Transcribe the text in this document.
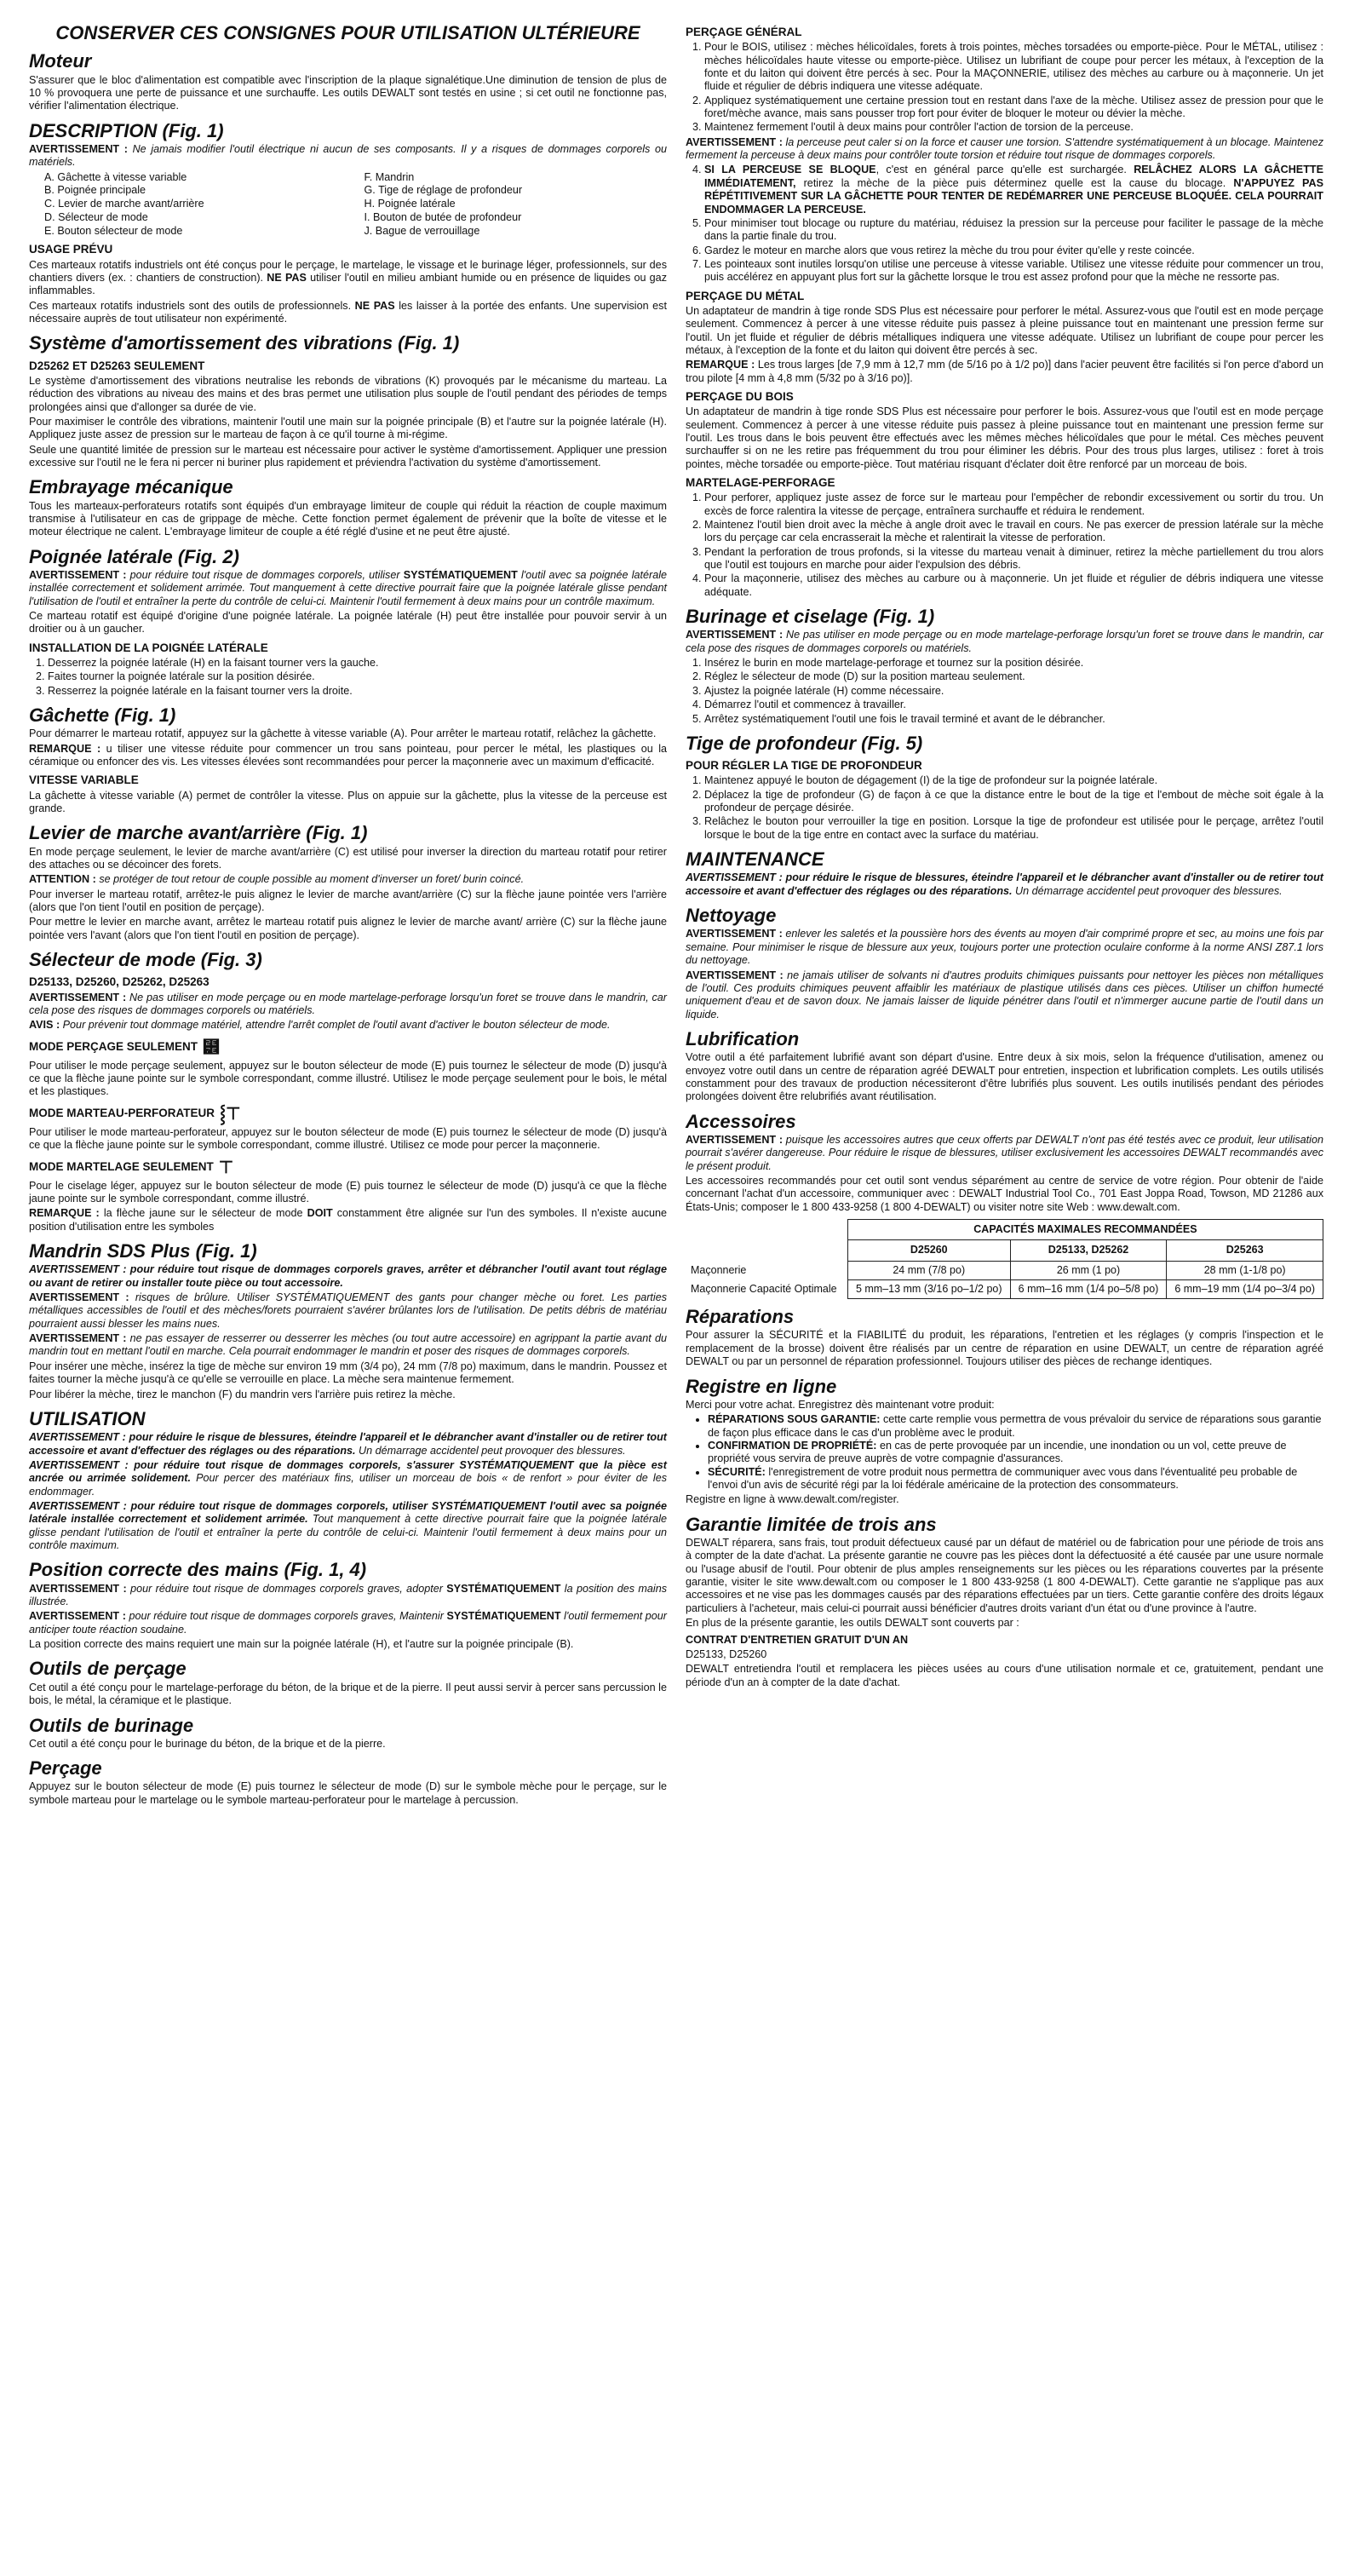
CONSERVER CES CONSIGNES POUR UTILISATION ULTÉRIEURE
Moteur

S'assurer que le bloc d'alimentation est compatible avec l'inscription de la plaque signalétique.Une diminution de tension de plus de 10 % provoquera une perte de puissance et une surchauffe. Les outils DEWALT sont testés en usine ; si cet outil ne fonctionne pas, vérifier l'alimentation électrique.

DESCRIPTION (Fig. 1)

AVERTISSEMENT : Ne jamais modifier l'outil électrique ni aucun de ses composants. Il y a risques de dommages corporels ou matériels.

A. Gâchette à vitesse variable
B. Poignée principale
C. Levier de marche avant/arrière
D. Sélecteur de mode
E. Bouton sélecteur de mode
F. Mandrin
G. Tige de réglage de profondeur
H. Poignée latérale
I. Bouton de butée de profondeur
J. Bague de verrouillage
USAGE PRÉVU

Ces marteaux rotatifs industriels ont été conçus pour le perçage, le martelage, le vissage et le burinage léger, professionnels, sur des chantiers divers (ex. : chantiers de construction). NE PAS utiliser l'outil en milieu ambiant humide ou en présence de liquides ou gaz inflammables.

Ces marteaux rotatifs industriels sont des outils de professionnels. NE PAS les laisser à la portée des enfants. Une supervision est nécessaire auprès de tout utilisateur non expérimenté.

Système d'amortissement des vibrations (Fig. 1)
D25262 ET D25263 SEULEMENT

Le système d'amortissement des vibrations neutralise les rebonds de vibrations (K) provoqués par le mécanisme du marteau. La réduction des vibrations au niveau des mains et des bras permet une utilisation plus souple de l'outil pendant des périodes de temps prolongées ainsi que d'allonger sa durée de vie.

Pour maximiser le contrôle des vibrations, maintenir l'outil une main sur la poignée principale (B) et l'autre sur la poignée latérale (H). Appliquez juste assez de pression sur le marteau de façon à ce qu'il tourne à mi-régime.

Seule une quantité limitée de pression sur le marteau est nécessaire pour activer le système d'amortissement. Appliquer une pression excessive sur l'outil ne le fera ni percer ni buriner plus rapidement et préviendra l'activation du système d'amortissement.

Embrayage mécanique

Tous les marteaux-perforateurs rotatifs sont équipés d'un embrayage limiteur de couple qui réduit la réaction de couple maximum transmise à l'utilisateur en cas de grippage de mèche. Cette fonction permet également de prévenir que la boîte de vitesse et le moteur électrique ne calent. L'embrayage limiteur de couple a été réglé d'usine et ne peut être ajusté.

Poignée latérale (Fig. 2)

AVERTISSEMENT : pour réduire tout risque de dommages corporels, utiliser SYSTÉMATIQUEMENT l'outil avec sa poignée latérale installée correctement et solidement arrimée. Tout manquement à cette directive pourrait faire que la poignée latérale glisse pendant l'utilisation de l'outil et entraîner la perte du contrôle de celui-ci. Maintenir l'outil fermement à deux mains pour un contrôle maximum.

Ce marteau rotatif est équipé d'origine d'une poignée latérale. La poignée latérale (H) peut être installée pour pouvoir servir à un droitier ou à un gaucher.

INSTALLATION DE LA POIGNÉE LATÉRALE
1. Desserrez la poignée latérale (H) en la faisant tourner vers la gauche.
2. Faites tourner la poignée latérale sur la position désirée.
3. Resserrez la poignée latérale en la faisant tourner vers la droite.
Gâchette (Fig. 1)

Pour démarrer le marteau rotatif, appuyez sur la gâchette à vitesse variable (A). Pour arrêter le marteau rotatif, relâchez la gâchette.

REMARQUE : u tiliser une vitesse réduite pour commencer un trou sans pointeau, pour percer le métal, les plastiques ou la céramique ou enfoncer des vis. Les vitesses élevées sont recommandées pour percer la maçonnerie avec un maximum d'efficacité.

VITESSE VARIABLE

La gâchette à vitesse variable (A) permet de contrôler la vitesse. Plus on appuie sur la gâchette, plus la vitesse de la perceuse est grande.

Levier de marche avant/arrière (Fig. 1)

En mode perçage seulement, le levier de marche avant/arrière (C) est utilisé pour inverser la direction du marteau rotatif pour retirer des attaches ou se décoincer des forets.

ATTENTION : se protéger de tout retour de couple possible au moment d'inverser un foret/ burin coincé.

Pour inverser le marteau rotatif, arrêtez-le puis alignez le levier de marche avant/arrière (C) sur la flèche jaune pointée vers l'arrière (alors que l'on tient l'outil en position de perçage).

Pour mettre le levier en marche avant, arrêtez le marteau rotatif puis alignez le levier de marche avant/ arrière (C) sur la flèche jaune pointée vers l'avant (alors que l'on tient l'outil en position de perçage).

Sélecteur de mode (Fig. 3)
D25133, D25260, D25262, D25263

AVERTISSEMENT : Ne pas utiliser en mode perçage ou en mode martelage-perforage lorsqu'un foret se trouve dans le mandrin, car cela pose des risques de dommages corporels ou matériels.

AVIS : Pour prévenir tout dommage matériel, attendre l'arrêt complet de l'outil avant d'activer le bouton sélecteur de mode.

MODE PERÇAGE SEULEMENT ⹾

Pour utiliser le mode perçage seulement, appuyez sur le bouton sélecteur de mode (E) puis tournez le sélecteur de mode (D) jusqu'à ce que la flèche jaune pointe sur le symbole correspondant, comme illustré. Utilisez le mode perçage seulement pour le bois, le métal et les plastiques.

MODE MARTEAU-PERFORATEUR ⸾⊤

Pour utiliser le mode marteau-perforateur, appuyez sur le bouton sélecteur de mode (E) puis tournez le sélecteur de mode (D) jusqu'à ce que la flèche jaune pointe sur le symbole correspondant, comme illustré. Utilisez ce mode pour percer la maçonnerie.

MODE MARTELAGE SEULEMENT ⊤

Pour le ciselage léger, appuyez sur le bouton sélecteur de mode (E) puis tournez le sélecteur de mode (D) jusqu'à ce que la flèche jaune pointe sur le symbole correspondant, comme illustré.

REMARQUE : la flèche jaune sur le sélecteur de mode DOIT constamment être alignée sur l'un des symboles. Il n'existe aucune position d'utilisation entre les symboles

Mandrin SDS Plus (Fig. 1)

AVERTISSEMENT : pour réduire tout risque de dommages corporels graves, arrêter et débrancher l'outil avant tout réglage ou avant de retirer ou installer toute pièce ou tout accessoire.

AVERTISSEMENT : risques de brûlure. Utiliser SYSTÉMATIQUEMENT des gants pour changer mèche ou foret. Les parties métalliques accessibles de l'outil et des mèches/forets pourraient s'avérer brûlantes lors de l'utilisation. De petits débris de matériau pourraient aussi blesser les mains nues.

AVERTISSEMENT : ne pas essayer de resserrer ou desserrer les mèches (ou tout autre accessoire) en agrippant la partie avant du mandrin tout en mettant l'outil en marche. Cela pourrait endommager le mandrin et poser des risques de dommages corporels.

Pour insérer une mèche, insérez la tige de mèche sur environ 19 mm (3/4 po), 24 mm (7/8 po) maximum, dans le mandrin. Poussez et faites tourner la mèche jusqu'à ce qu'elle se verrouille en place. La mèche sera maintenue fermement.

Pour libérer la mèche, tirez le manchon (F) du mandrin vers l'arrière puis retirez la mèche.

UTILISATION

AVERTISSEMENT : pour réduire le risque de blessures, éteindre l'appareil et le débrancher avant d'installer ou de retirer tout accessoire et avant d'effectuer des réglages ou des réparations. Un démarrage accidentel peut provoquer des blessures.

AVERTISSEMENT : pour réduire tout risque de dommages corporels, s'assurer SYSTÉMATIQUEMENT que la pièce est ancrée ou arrimée solidement. Pour percer des matériaux fins, utiliser un morceau de bois « de renfort » pour éviter de les endommager.

AVERTISSEMENT : pour réduire tout risque de dommages corporels, utiliser SYSTÉMATIQUEMENT l'outil avec sa poignée latérale installée correctement et solidement arrimée. Tout manquement à cette directive pourrait faire que la poignée latérale glisse pendant l'utilisation de l'outil et entraîner la perte du contrôle de celui-ci. Maintenir l'outil fermement à deux mains pour un contrôle maximum.

Position correcte des mains (Fig. 1, 4)

AVERTISSEMENT : pour réduire tout risque de dommages corporels graves, adopter SYSTÉMATIQUEMENT la position des mains illustrée.

AVERTISSEMENT : pour réduire tout risque de dommages corporels graves, Maintenir SYSTÉMATIQUEMENT l'outil fermement pour anticiper toute réaction soudaine.

La position correcte des mains requiert une main sur la poignée latérale (H), et l'autre sur la poignée principale (B).

Outils de perçage

Cet outil a été conçu pour le martelage-perforage du béton, de la brique et de la pierre. Il peut aussi servir à percer sans percussion le bois, le métal, la céramique et le plastique.

Outils de burinage

Cet outil a été conçu pour le burinage du béton, de la brique et de la pierre.

Perçage

Appuyez sur le bouton sélecteur de mode (E) puis tournez le sélecteur de mode (D) sur le symbole mèche pour le perçage, sur le symbole marteau pour le martelage ou le symbole marteau-perforateur pour le martelage à percussion.

PERÇAGE GÉNÉRAL
1. Pour le BOIS, utilisez : mèches hélicoïdales, forets à trois pointes, mèches torsadées ou emporte-pièce. Pour le MÉTAL, utilisez : mèches hélicoïdales haute vitesse ou emporte-pièce. Utilisez un lubrifiant de coupe pour percer les métaux, à l'exception de la fonte et du laiton qui doivent être percés à sec. Pour la MAÇONNERIE, utilisez des mèches au carbure ou à maçonnerie. Un jet fluide et régulier de débris indiquera une vitesse adéquate.
2. Appliquez systématiquement une certaine pression tout en restant dans l'axe de la mèche. Utilisez assez de pression pour que le foret/mèche avance, mais sans pousser trop fort pour éviter de bloquer le moteur ou dévier la mèche.
3. Maintenez fermement l'outil à deux mains pour contrôler l'action de torsion de la perceuse.

AVERTISSEMENT : la perceuse peut caler si on la force et causer une torsion. S'attendre systématiquement à un blocage. Maintenez fermement la perceuse à deux mains pour contrôler toute torsion et réduire tout risque de dommages corporels.

4. SI LA PERCEUSE SE BLOQUE, c'est en général parce qu'elle est surchargée. RELÂCHEZ ALORS LA GÂCHETTE IMMÉDIATEMENT, retirez la mèche de la pièce puis déterminez quelle est la cause du blocage. N'APPUYEZ PAS RÉPÉTITIVEMENT SUR LA GÂCHETTE POUR TENTER DE REDÉMARRER UNE PERCEUSE BLOQUÉE. CELA POURRAIT ENDOMMAGER LA PERCEUSE.
5. Pour minimiser tout blocage ou rupture du matériau, réduisez la pression sur la perceuse pour faciliter le passage de la mèche dans la partie finale du trou.
6. Gardez le moteur en marche alors que vous retirez la mèche du trou pour éviter qu'elle y reste coincée.
7. Les pointeaux sont inutiles lorsqu'on utilise une perceuse à vitesse variable. Utilisez une vitesse réduite pour commencer un trou, puis accélérez en appuyant plus fort sur la gâchette lorsque le trou est assez profond pour que la mèche ne ressorte pas.
PERÇAGE DU MÉTAL

Un adaptateur de mandrin à tige ronde SDS Plus est nécessaire pour perforer le métal. Assurez-vous que l'outil est en mode perçage seulement. Commencez à percer à une vitesse réduite puis passez à pleine puissance tout en maintenant une pression ferme sur l'outil. Un jet fluide et régulier de débris métalliques indiquera une vitesse adéquate. Utilisez un lubrifiant de coupe pour percer les métaux, à l'exception de la fonte et du laiton qui doivent être percés à sec.

REMARQUE : Les trous larges [de 7,9 mm à 12,7 mm (de 5/16 po à 1/2 po)] dans l'acier peuvent être facilités si l'on perce d'abord un trou pilote [4 mm à 4,8 mm (5/32 po à 3/16 po)].

PERÇAGE DU BOIS

Un adaptateur de mandrin à tige ronde SDS Plus est nécessaire pour perforer le bois. Assurez-vous que l'outil est en mode perçage seulement. Commencez à percer à une vitesse réduite puis passez à pleine puissance tout en maintenant une pression ferme sur l'outil. Les trous dans le bois peuvent être effectués avec les mêmes mèches hélicoïdales que pour le métal. Ces mèches peuvent surchauffer si on ne les retire pas fréquemment du trou pour éliminer les débris. Pour des trous plus larges, utilisez : foret à trois pointes, mèche torsadée ou emporte-pièce. Tout matériau risquant d'éclater doit être renforcé par un morceau de bois.

MARTELAGE-PERFORAGE
1. Pour perforer, appliquez juste assez de force sur le marteau pour l'empêcher de rebondir excessivement ou sortir du trou. Un excès de force ralentira la vitesse de perçage, entraînera surchauffe et réduira le rendement.
2. Maintenez l'outil bien droit avec la mèche à angle droit avec le travail en cours. Ne pas exercer de pression latérale sur la mèche lors du perçage car cela encrasserait la mèche et ralentirait la vitesse de perforation.
3. Pendant la perforation de trous profonds, si la vitesse du marteau venait à diminuer, retirez la mèche partiellement du trou alors que l'outil est toujours en marche pour aider l'expulsion des débris.
4. Pour la maçonnerie, utilisez des mèches au carbure ou à maçonnerie. Un jet fluide et régulier de débris indiquera une vitesse adéquate.
Burinage et ciselage (Fig. 1)

AVERTISSEMENT : Ne pas utiliser en mode perçage ou en mode martelage-perforage lorsqu'un foret se trouve dans le mandrin, car cela pose des risques de dommages corporels ou matériels.

1. Insérez le burin en mode martelage-perforage et tournez sur la position désirée.
2. Réglez le sélecteur de mode (D) sur la position marteau seulement.
3. Ajustez la poignée latérale (H) comme nécessaire.
4. Démarrez l'outil et commencez à travailler.
5. Arrêtez systématiquement l'outil une fois le travail terminé et avant de le débrancher.
Tige de profondeur (Fig. 5)
POUR RÉGLER LA TIGE DE PROFONDEUR
1. Maintenez appuyé le bouton de dégagement (I) de la tige de profondeur sur la poignée latérale.
2. Déplacez la tige de profondeur (G) de façon à ce que la distance entre le bout de la tige et l'embout de mèche soit égale à la profondeur de perçage désirée.
3. Relâchez le bouton pour verrouiller la tige en position. Lorsque la tige de profondeur est utilisée pour le perçage, arrêtez l'outil lorsque le bout de la tige entre en contact avec la surface du matériau.
MAINTENANCE

AVERTISSEMENT : pour réduire le risque de blessures, éteindre l'appareil et le débrancher avant d'installer ou de retirer tout accessoire et avant d'effectuer des réglages ou des réparations. Un démarrage accidentel peut provoquer des blessures.

Nettoyage

AVERTISSEMENT : enlever les saletés et la poussière hors des évents au moyen d'air comprimé propre et sec, au moins une fois par semaine. Pour minimiser le risque de blessure aux yeux, toujours porter une protection oculaire conforme à la norme ANSI Z87.1 lors du nettoyage.

AVERTISSEMENT : ne jamais utiliser de solvants ni d'autres produits chimiques puissants pour nettoyer les pièces non métalliques de l'outil. Ces produits chimiques peuvent affaiblir les matériaux de plastique utilisés dans ces pièces. Utiliser un chiffon humecté uniquement d'eau et de savon doux. Ne jamais laisser de liquide pénétrer dans l'outil et n'immerger aucune partie de l'outil dans un liquide.

Lubrification

Votre outil a été parfaitement lubrifié avant son départ d'usine. Entre deux à six mois, selon la fréquence d'utilisation, amenez ou envoyez votre outil dans un centre de réparation agréé DEWALT pour entretien, inspection et lubrification complets. Les outils utilisés constamment pour des travaux de production nécessiteront d'être lubrifiés plus souvent. Les outils inutilisés pendant des périodes prolongées doivent être relubrifiés avant réutilisation.

Accessoires

AVERTISSEMENT : puisque les accessoires autres que ceux offerts par DEWALT n'ont pas été testés avec ce produit, leur utilisation pourrait s'avérer dangereuse. Pour réduire le risque de blessures, utiliser exclusivement les accessoires DEWALT recommandés avec le présent produit.

Les accessoires recommandés pour cet outil sont vendus séparément au centre de service de votre région. Pour obtenir de l'aide concernant l'achat d'un accessoire, communiquer avec : DEWALT Industrial Tool Co., 701 East Joppa Road, Towson, MD 21286 aux États-Unis; composer le 1 800 433-9258 (1 800 4-DEWALT) ou visiter notre site Web : www.dewalt.com.

	CAPACITÉS MAXIMALES RECOMMANDÉES		
	D25260	D25133, D25262	D25263
Maçonnerie	24 mm (7/8 po)	26 mm (1 po)	28 mm (1-1/8 po)
Maçonnerie Capacité Optimale	5 mm–13 mm (3/16 po–1/2 po)	6 mm–16 mm (1/4 po–5/8 po)	6 mm–19 mm (1/4 po–3/4 po)
Réparations

Pour assurer la SÉCURITÉ et la FIABILITÉ du produit, les réparations, l'entretien et les réglages (y compris l'inspection et le remplacement de la brosse) doivent être réalisés par un centre de réparation en usine DEWALT, un centre de réparation agréé DEWALT ou par un personnel de réparation professionnel. Toujours utiliser des pièces de rechange identiques.

Registre en ligne

Merci pour votre achat. Enregistrez dès maintenant votre produit:

• RÉPARATIONS SOUS GARANTIE: cette carte remplie vous permettra de vous prévaloir du service de réparations sous garantie de façon plus efficace dans le cas d'un problème avec le produit.
• CONFIRMATION DE PROPRIÉTÉ: en cas de perte provoquée par un incendie, une inondation ou un vol, cette preuve de propriété vous servira de preuve auprès de votre compagnie d'assurances.
• SÉCURITÉ: l'enregistrement de votre produit nous permettra de communiquer avec vous dans l'éventualité peu probable de l'envoi d'un avis de sécurité régi par la loi fédérale américaine de la protection des consommateurs.

Registre en ligne à www.dewalt.com/register.

Garantie limitée de trois ans

DEWALT réparera, sans frais, tout produit défectueux causé par un défaut de matériel ou de fabrication pour une période de trois ans à compter de la date d'achat. La présente garantie ne couvre pas les pièces dont la défectuosité a été causée par une usure normale ou l'usage abusif de l'outil. Pour obtenir de plus amples renseignements sur les pièces ou les réparations couvertes par la présente garantie, visiter le site www.dewalt.com ou composer le 1 800 433-9258 (1 800 4-DEWALT). Cette garantie ne s'applique pas aux accessoires et ne vise pas les dommages causés par des réparations effectuées par un tiers. Cette garantie confère des droits légaux particuliers à l'acheteur, mais celui-ci pourrait aussi bénéficier d'autres droits variant d'un état ou d'une province à l'autre.

En plus de la présente garantie, les outils DEWALT sont couverts par :

CONTRAT D'ENTRETIEN GRATUIT D'UN AN

D25133, D25260

DEWALT entretiendra l'outil et remplacera les pièces usées au cours d'une utilisation normale et ce, gratuitement, pendant une période d'un an à compter de la date d'achat.
